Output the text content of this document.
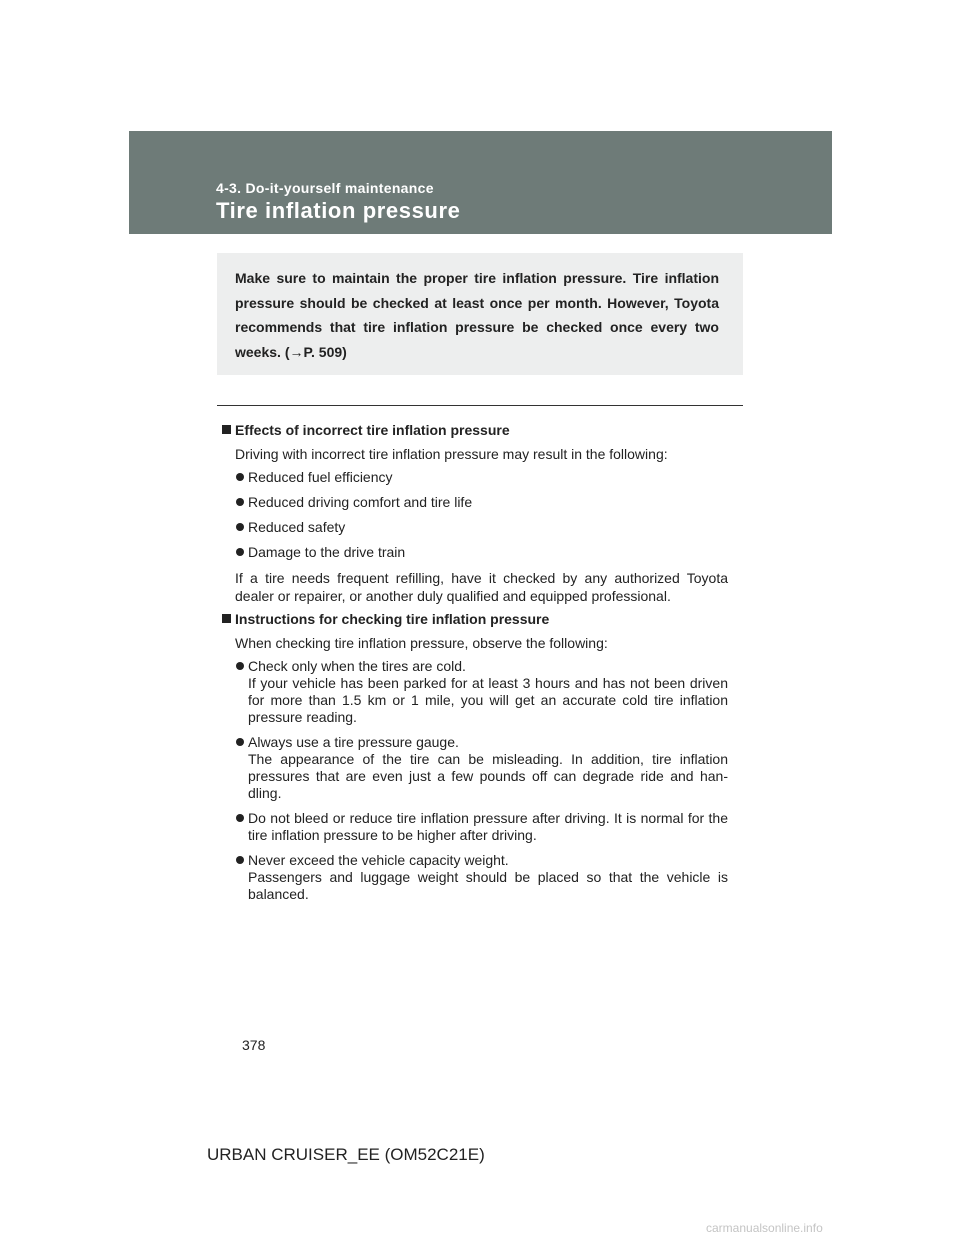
4-3. Do-it-yourself maintenance
Tire inflation pressure

Make sure to maintain the proper tire inflation pressure. Tire inflation pressure should be checked at least once per month. However, Toyota recommends that tire inflation pressure be checked once every two weeks. (→P. 509)

Effects of incorrect tire inflation pressure

Driving with incorrect tire inflation pressure may result in the following:

Reduced fuel efficiency
Reduced driving comfort and tire life
Reduced safety
Damage to the drive train

If a tire needs frequent refilling, have it checked by any authorized Toyota dealer or repairer, or another duly qualified and equipped professional.

Instructions for checking tire inflation pressure

When checking tire inflation pressure, observe the following:

Check only when the tires are cold.
If your vehicle has been parked for at least 3 hours and has not been driven for more than 1.5 km or 1 mile, you will get an accurate cold tire inflation pressure reading.
Always use a tire pressure gauge.
The appearance of the tire can be misleading. In addition, tire inflation pressures that are even just a few pounds off can degrade ride and han-dling.
Do not bleed or reduce tire inflation pressure after driving. It is normal for the tire inflation pressure to be higher after driving.
Never exceed the vehicle capacity weight.
Passengers and luggage weight should be placed so that the vehicle is balanced.
378
URBAN CRUISER_EE (OM52C21E)
carmanualsonline.info
